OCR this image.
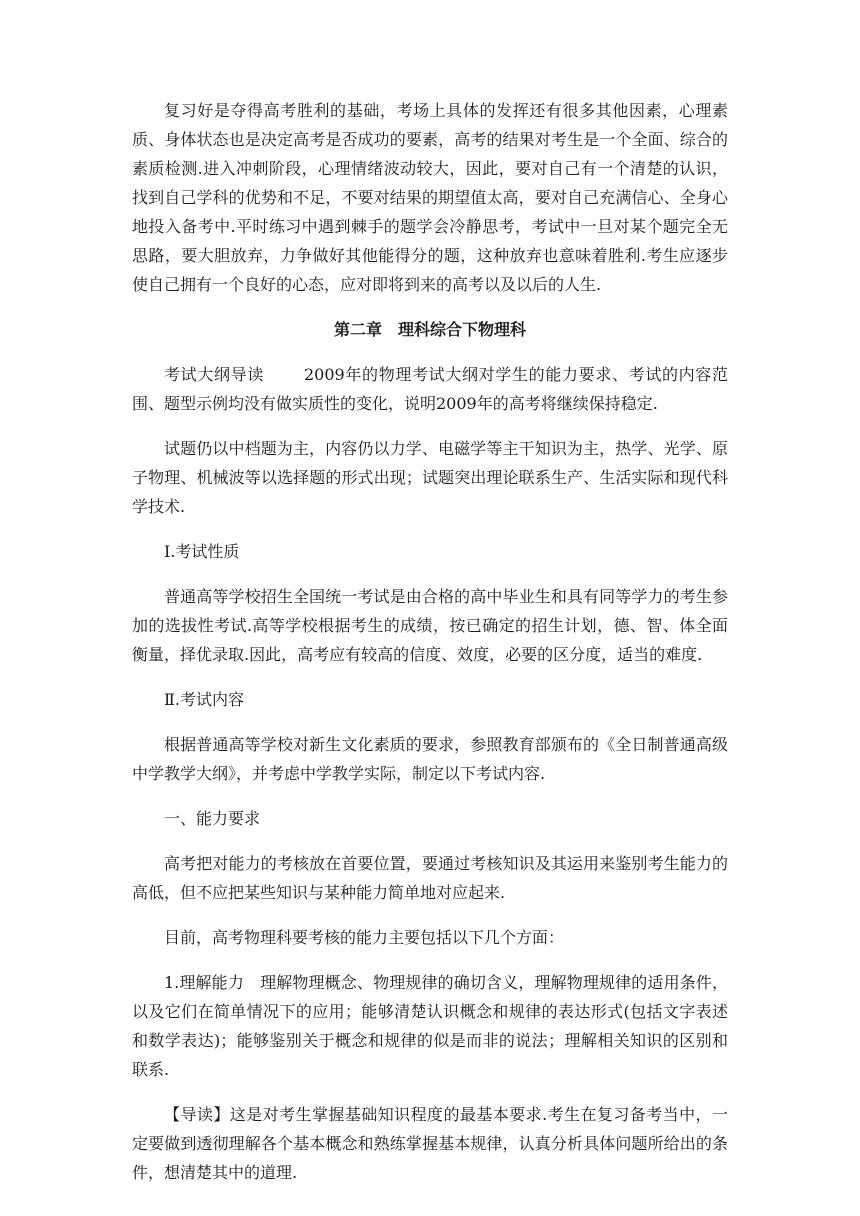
复习好是夺得高考胜利的基础，考场上具体的发挥还有很多其他因素，心理素质、身体状态也是决定高考是否成功的要素，高考的结果对考生是一个全面、综合的素质检测.进入冲刺阶段，心理情绪波动较大，因此，要对自己有一个清楚的认识，找到自己学科的优势和不足，不要对结果的期望值太高，要对自己充满信心、全身心地投入备考中.平时练习中遇到棘手的题学会冷静思考，考试中一旦对某个题完全无思路，要大胆放弃，力争做好其他能得分的题，这种放弃也意味着胜利.考生应逐步使自己拥有一个良好的心态，应对即将到来的高考以及以后的人生.

第二章　理科综合下物理科

考试大纲导读	2009年的物理考试大纲对学生的能力要求、考试的内容范围、题型示例均没有做实质性的变化，说明2009年的高考将继续保持稳定.

试题仍以中档题为主，内容仍以力学、电磁学等主干知识为主，热学、光学、原子物理、机械波等以选择题的形式出现；试题突出理论联系生产、生活实际和现代科学技术.

Ⅰ.考试性质

普通高等学校招生全国统一考试是由合格的高中毕业生和具有同等学力的考生参加的选拔性考试.高等学校根据考生的成绩，按已确定的招生计划，德、智、体全面衡量，择优录取.因此，高考应有较高的信度、效度，必要的区分度，适当的难度.

Ⅱ.考试内容

根据普通高等学校对新生文化素质的要求，参照教育部颁布的《全日制普通高级中学教学大纲》，并考虑中学教学实际，制定以下考试内容.

一、能力要求

高考把对能力的考核放在首要位置，要通过考核知识及其运用来鉴别考生能力的高低，但不应把某些知识与某种能力简单地对应起来.

目前，高考物理科要考核的能力主要包括以下几个方面：

1.理解能力　理解物理概念、物理规律的确切含义，理解物理规律的适用条件，以及它们在简单情况下的应用；能够清楚认识概念和规律的表达形式(包括文字表述和数学表达)；能够鉴别关于概念和规律的似是而非的说法；理解相关知识的区别和联系.

【导读】这是对考生掌握基础知识程度的最基本要求.考生在复习备考当中，一定要做到透彻理解各个基本概念和熟练掌握基本规律，认真分析具体问题所给出的条件，想清楚其中的道理.
